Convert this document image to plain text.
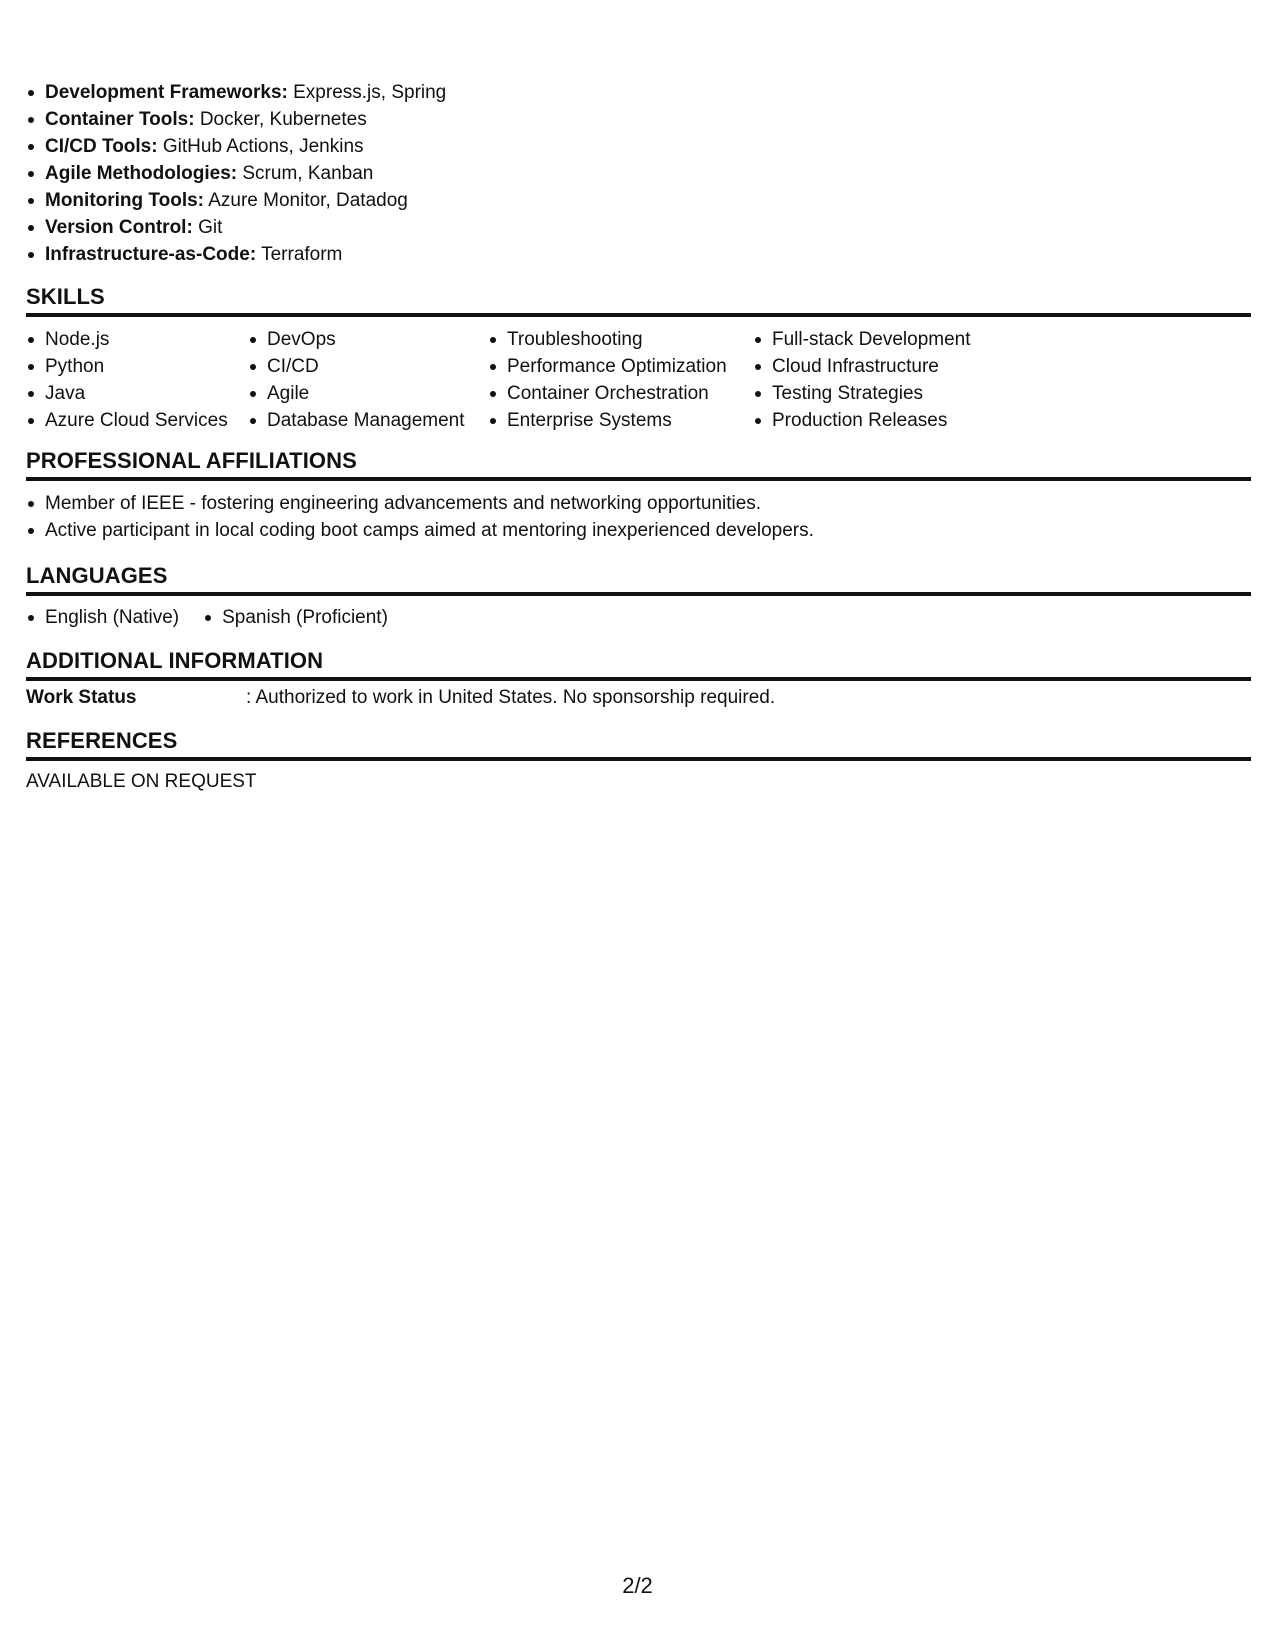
Development Frameworks: Express.js, Spring
Container Tools: Docker, Kubernetes
CI/CD Tools: GitHub Actions, Jenkins
Agile Methodologies: Scrum, Kanban
Monitoring Tools: Azure Monitor, Datadog
Version Control: Git
Infrastructure-as-Code: Terraform
SKILLS
Node.js
Python
Java
Azure Cloud Services
DevOps
CI/CD
Agile
Database Management
Troubleshooting
Performance Optimization
Container Orchestration
Enterprise Systems
Full-stack Development
Cloud Infrastructure
Testing Strategies
Production Releases
PROFESSIONAL AFFILIATIONS
Member of IEEE - fostering engineering advancements and networking opportunities.
Active participant in local coding boot camps aimed at mentoring inexperienced developers.
LANGUAGES
English (Native)	Spanish (Proficient)
ADDITIONAL INFORMATION
Work Status	: Authorized to work in United States. No sponsorship required.
REFERENCES
AVAILABLE ON REQUEST
2/2
